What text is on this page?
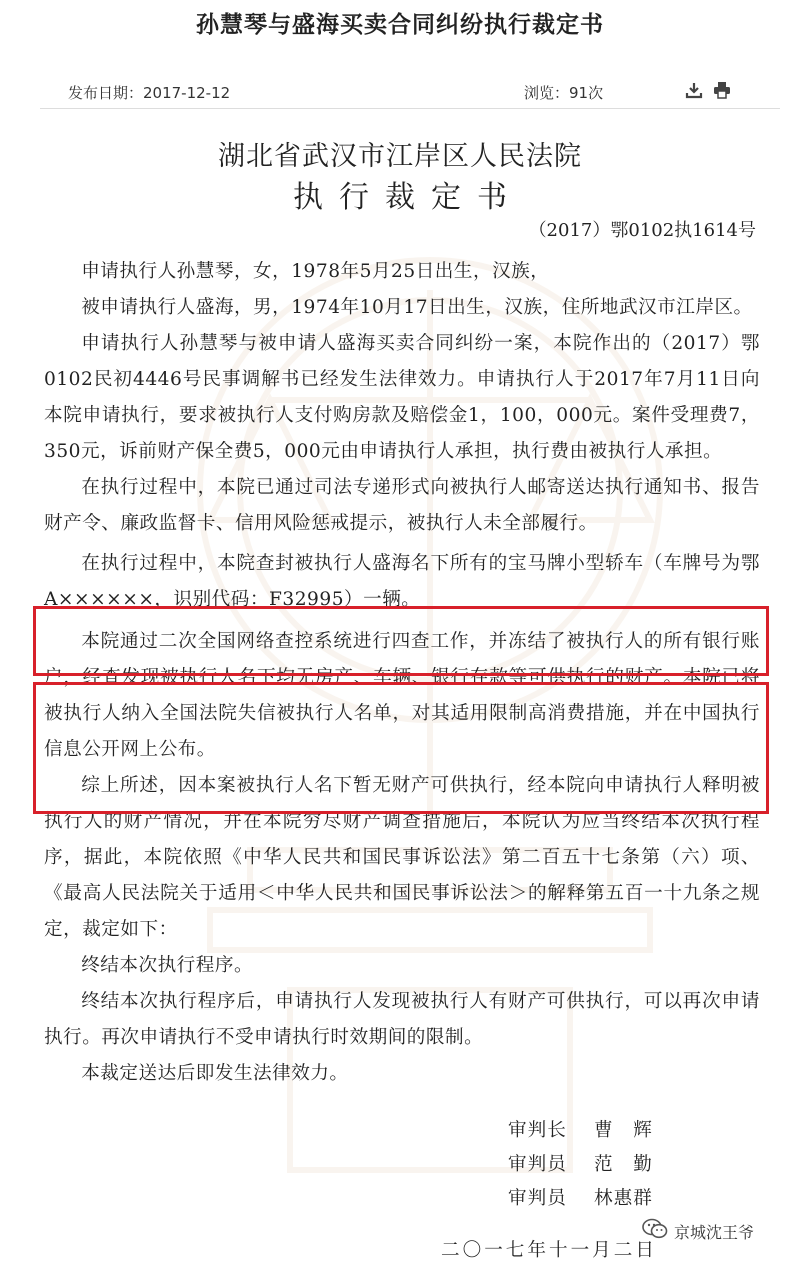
孙慧琴与盛海买卖合同纠纷执行裁定书
发布日期：2017-12-12	浏览：91次
湖北省武汉市江岸区人民法院
执行裁定书
（2017）鄂0102执1614号

申请执行人孙慧琴，女，1978年5月25日出生，汉族，

被申请执行人盛海，男，1974年10月17日出生，汉族，住所地武汉市江岸区。

申请执行人孙慧琴与被申请人盛海买卖合同纠纷一案，本院作出的（2017）鄂0102民初4446号民事调解书已经发生法律效力。申请执行人于2017年7月11日向本院申请执行，要求被执行人支付购房款及赔偿金1，100，000元。案件受理费7，350元，诉前财产保全费5，000元由申请执行人承担，执行费由被执行人承担。

在执行过程中，本院已通过司法专递形式向被执行人邮寄送达执行通知书、报告财产令、廉政监督卡、信用风险惩戒提示，被执行人未全部履行。

在执行过程中，本院查封被执行人盛海名下所有的宝马牌小型轿车（车牌号为鄂A××××××，识别代码：F32995）一辆。

本院通过二次全国网络查控系统进行四查工作，并冻结了被执行人的所有银行账户，经查发现被执行人名下均无房产、车辆、银行存款等可供执行的财产。本院已将被执行人纳入全国法院失信被执行人名单，对其适用限制高消费措施，并在中国执行信息公开网上公布。

综上所述，因本案被执行人名下暂无财产可供执行，经本院向申请执行人释明被执行人的财产情况，并在本院穷尽财产调查措施后，本院认为应当终结本次执行程序，据此，本院依照《中华人民共和国民事诉讼法》第二百五十七条第（六）项、《最高人民法院关于适用＜中华人民共和国民事诉讼法＞的解释第五百一十九条之规定，裁定如下：

终结本次执行程序。

终结本次执行程序后，申请执行人发现被执行人有财产可供执行，可以再次申请执行。再次申请执行不受申请执行时效期间的限制。

本裁定送达后即发生法律效力。

审判长 曹　辉
审判员 范　勤
审判员 林惠群
京城沈王爷
二〇一七年十一月二日
